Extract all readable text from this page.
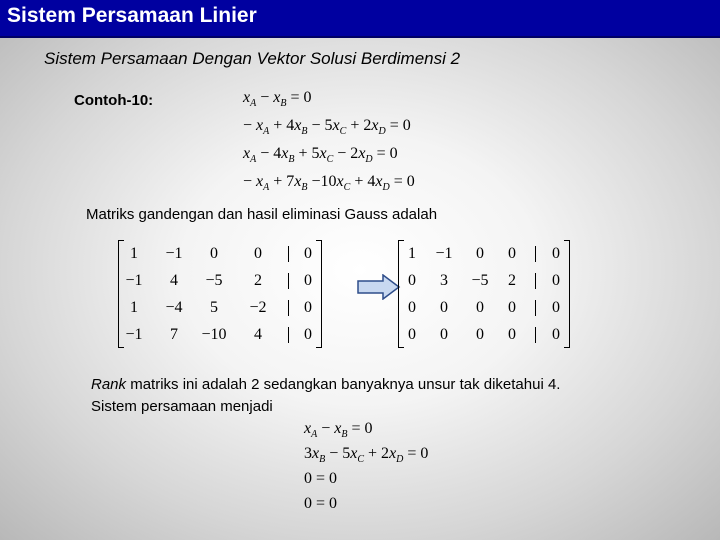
Sistem Persamaan Linier
Sistem Persamaan Dengan Vektor Solusi Berdimensi 2
Contoh-10:	$x_A - x_B = 0$
− $x_A + 4x_B - 5x_C + 2x_D = 0$
$x_A - 4x_B + 5x_C - 2x_D = 0$
− $x_A + 7x_B -10x_C + 4x_D = 0$
Matriks gandengan dan hasil eliminasi Gauss adalah
1	−1	0	0	0
−1	4	−5	2	0
1	−4	5	−2	0
−1	7	−10	4	0
1	−1	0	0	0
0	3	−5	2	0
0	0	0	0	0
0	0	0	0	0
Rank matriks ini adalah 2 sedangkan banyaknya unsur tak diketahui 4.
Sistem persamaan menjadi
$x_A - x_B = 0$
$3x_B - 5x_C + 2x_D = 0$
0 = 0
0 = 0
